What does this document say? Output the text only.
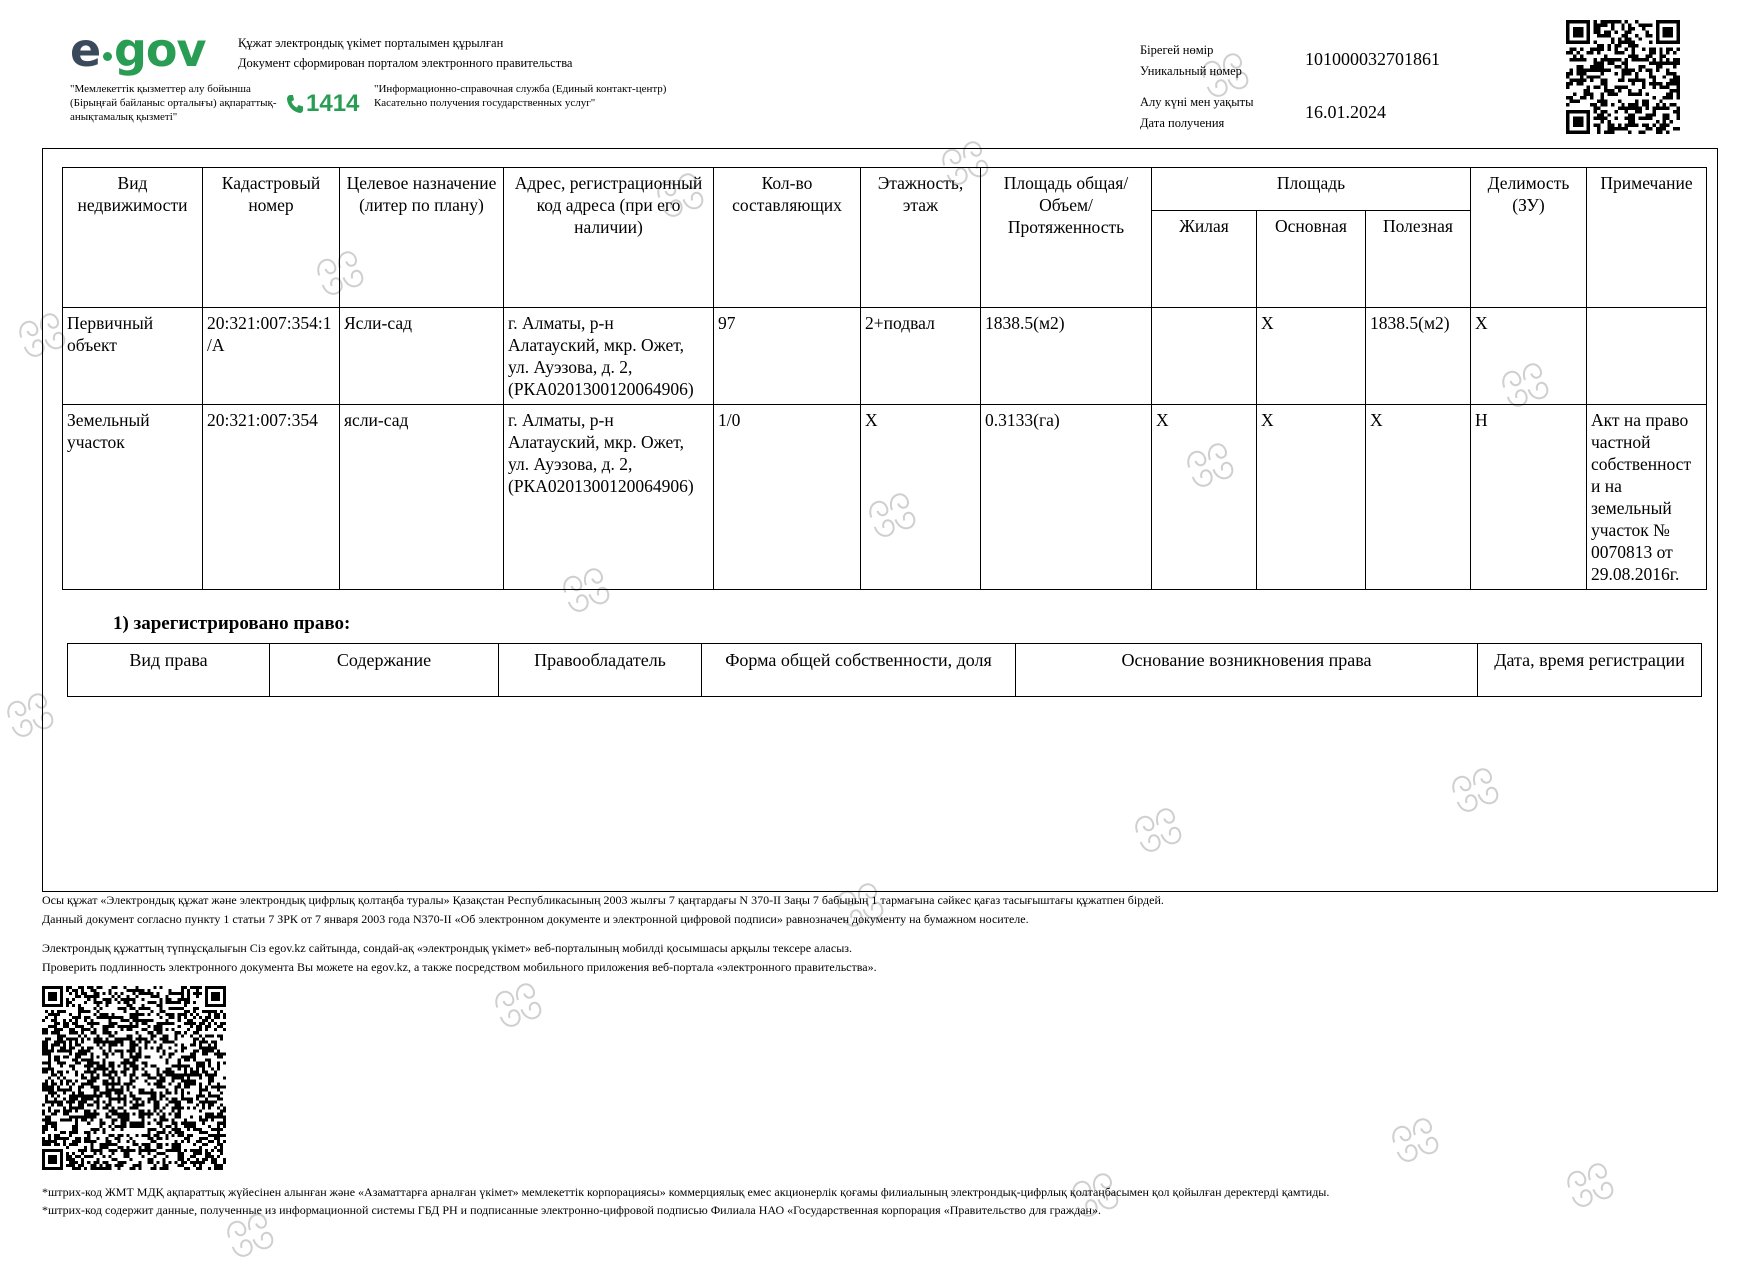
e gov	Құжат электрондық үкімет порталымен құрылған
Документ сформирован порталом электронного правительства
"Мемлекеттік қызметтер алу бойынша (Бірыңғай байланыс орталығы) ақпараттық-анықтамалық қызметі"	1414
"Информационно-справочная служба (Единый контакт-центр) Касательно получения государственных услуг"
Бірегей нөмір
Уникальный номер
101000032701861
Алу күні мен уақыты
Дата получения
16.01.2024
Вид недвижимости	Кадастровый номер	Целевое назначение (литер по плану)	Адрес, регистрационный код адреса (при его наличии)	Кол-во составляющих	Этажность, этаж	Площадь общая/ Объем/ Протяженность	Площадь			Делимость (ЗУ)	Примечание
							Жилая	Основная	Полезная		
Первичный объект	20:321:007:354:1/А	Ясли-сад	г. Алматы, р-н Алатауский, мкр. Ожет, ул. Ауэзова, д. 2, (РКА0201300120064906)	97	2+подвал	1838.5(м2)		X	1838.5(м2)	X	
Земельный участок	20:321:007:354	ясли-сад	г. Алматы, р-н Алатауский, мкр. Ожет, ул. Ауэзова, д. 2, (РКА0201300120064906)	1/0	X	0.3133(га)	X	X	X	Н	Акт на право частной собственност и на земельный участок № 0070813 от 29.08.2016г.
1) зарегистрировано право:
Вид права	Содержание	Правообладатель	Форма общей собственности, доля	Основание возникновения права	Дата, время регистрации
Осы құжат «Электрондық құжат және электрондық цифрлық қолтаңба туралы» Қазақстан Республикасының 2003 жылғы 7 қаңтардағы N 370-II Заңы 7 бабының 1 тармағына сәйкес қағаз тасығыштағы құжатпен бірдей.
Данный документ согласно пункту 1 статьи 7 ЗРК от 7 января 2003 года N370-II «Об электронном документе и электронной цифровой подписи» равнозначен документу на бумажном носителе.
Электрондық құжаттың түпнұсқалығын Сіз egov.kz сайтында, сондай-ақ «электрондық үкімет» веб-порталының мобилді қосымшасы арқылы тексере аласыз.
Проверить подлинность электронного документа Вы можете на egov.kz, а также посредством мобильного приложения веб-портала «электронного правительства».
*штрих-код ЖМТ МДҚ ақпараттық жүйесінен алынған және «Азаматтарға арналған үкімет» мемлекеттік корпорациясы» коммерциялық емес акционерлік қоғамы филиалының электрондық-цифрлық қолтаңбасымен қол қойылған деректерді қамтиды.
*штрих-код содержит данные, полученные из информационной системы ГБД РН и подписанные электронно-цифровой подписью Филиала НАО «Государственная корпорация «Правительство для граждан».
